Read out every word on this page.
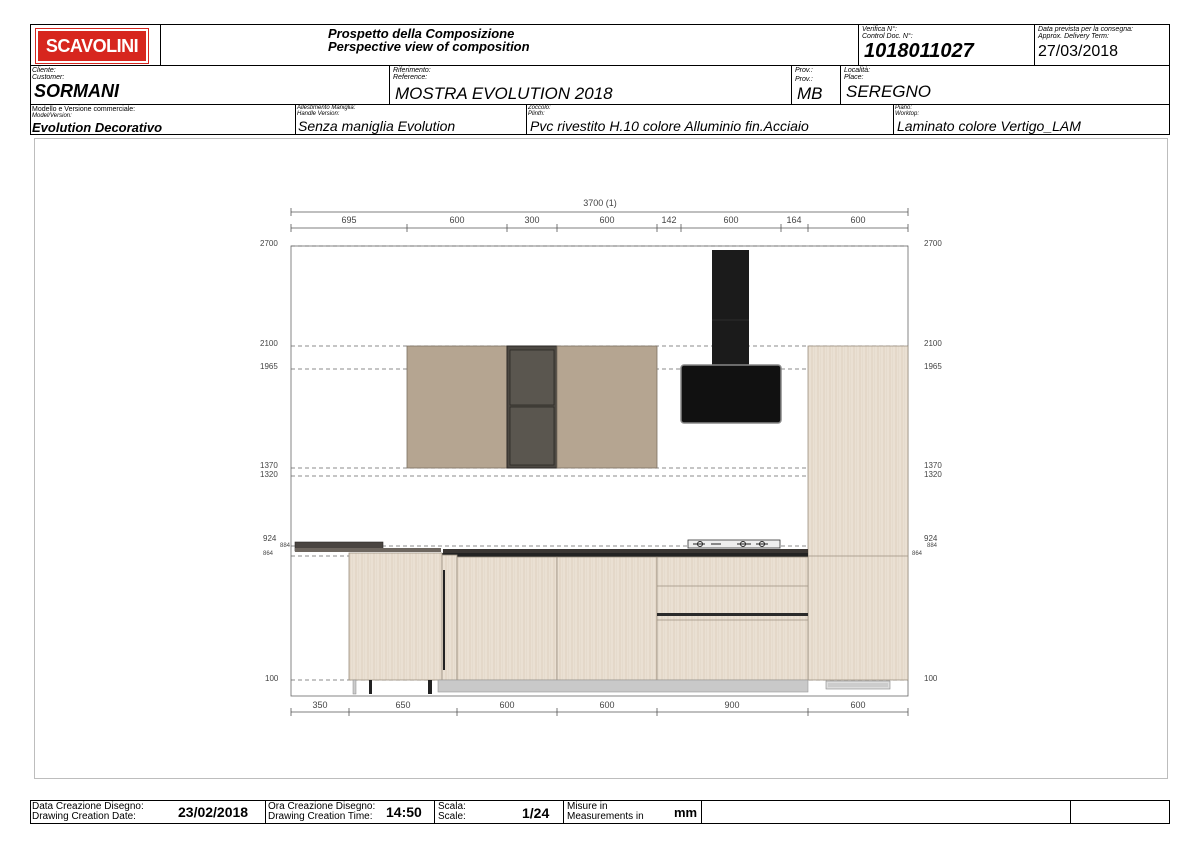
SCAVOLINI
Prospetto della Composizione
Perspective view of composition
Verifica N°:
Control Doc. N°:
1018011027
Data prevista per la consegna:
Approx. Delivery Term:
27/03/2018
Cliente:
Customer:
SORMANI
Riferimento:
Reference:
MOSTRA EVOLUTION 2018
Prov.:
Prov.:
MB
Località:
Place:
SEREGNO
Modello e Versione commerciale:
Model/Version:
Evolution Decorativo
Allestimento Maniglia:
Handle Version:
Senza maniglia Evolution
Zoccolo:
Plinth:
Pvc rivestito H.10 colore Alluminio fin.Acciaio
Piano:
Worktop:
Laminato colore Vertigo_LAM
3700 (1)
695	600	300	600	142	600	164	600
2700
2100
1965
1370
1320
924
864
884
100
2700
2100
1965
1370
1320
924
884
864
100
350	650	600	600	900	600
Data Creazione Disegno:
Drawing Creation Date:	23/02/2018 Ora Creazione Disegno:
Drawing Creation Time: 14:50 Scala:
Scale:	1/24 Misure in
Measurements in mm
